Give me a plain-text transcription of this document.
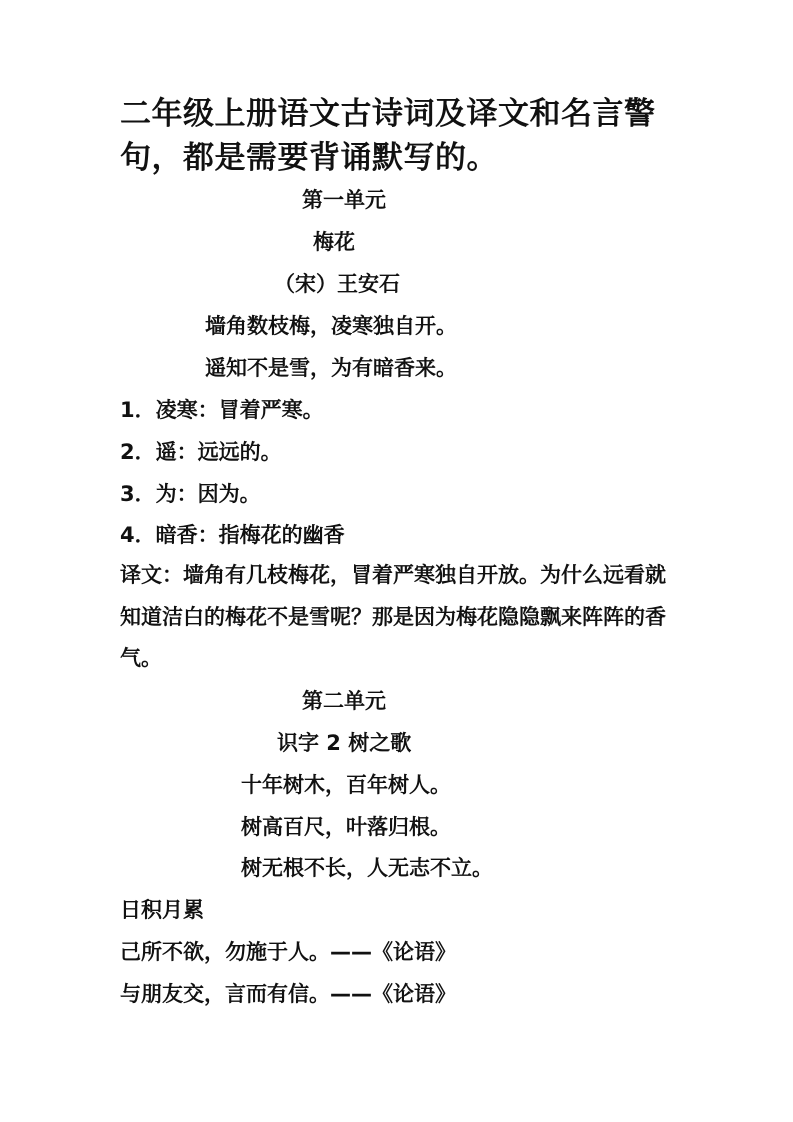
二年级上册语文古诗词及译文和名言警句，都是需要背诵默写的。
第一单元
梅花
（宋）王安石
墙角数枝梅，凌寒独自开。
遥知不是雪，为有暗香来。
1．凌寒：冒着严寒。
2．遥：远远的。
3．为：因为。
4．暗香：指梅花的幽香
译文：墙角有几枝梅花，冒着严寒独自开放。为什么远看就知道洁白的梅花不是雪呢？那是因为梅花隐隐飘来阵阵的香气。
第二单元
识字 2 树之歌
十年树木，百年树人。
树高百尺，叶落归根。
树无根不长，人无志不立。
日积月累
己所不欲，勿施于人。——《论语》
与朋友交，言而有信。——《论语》
